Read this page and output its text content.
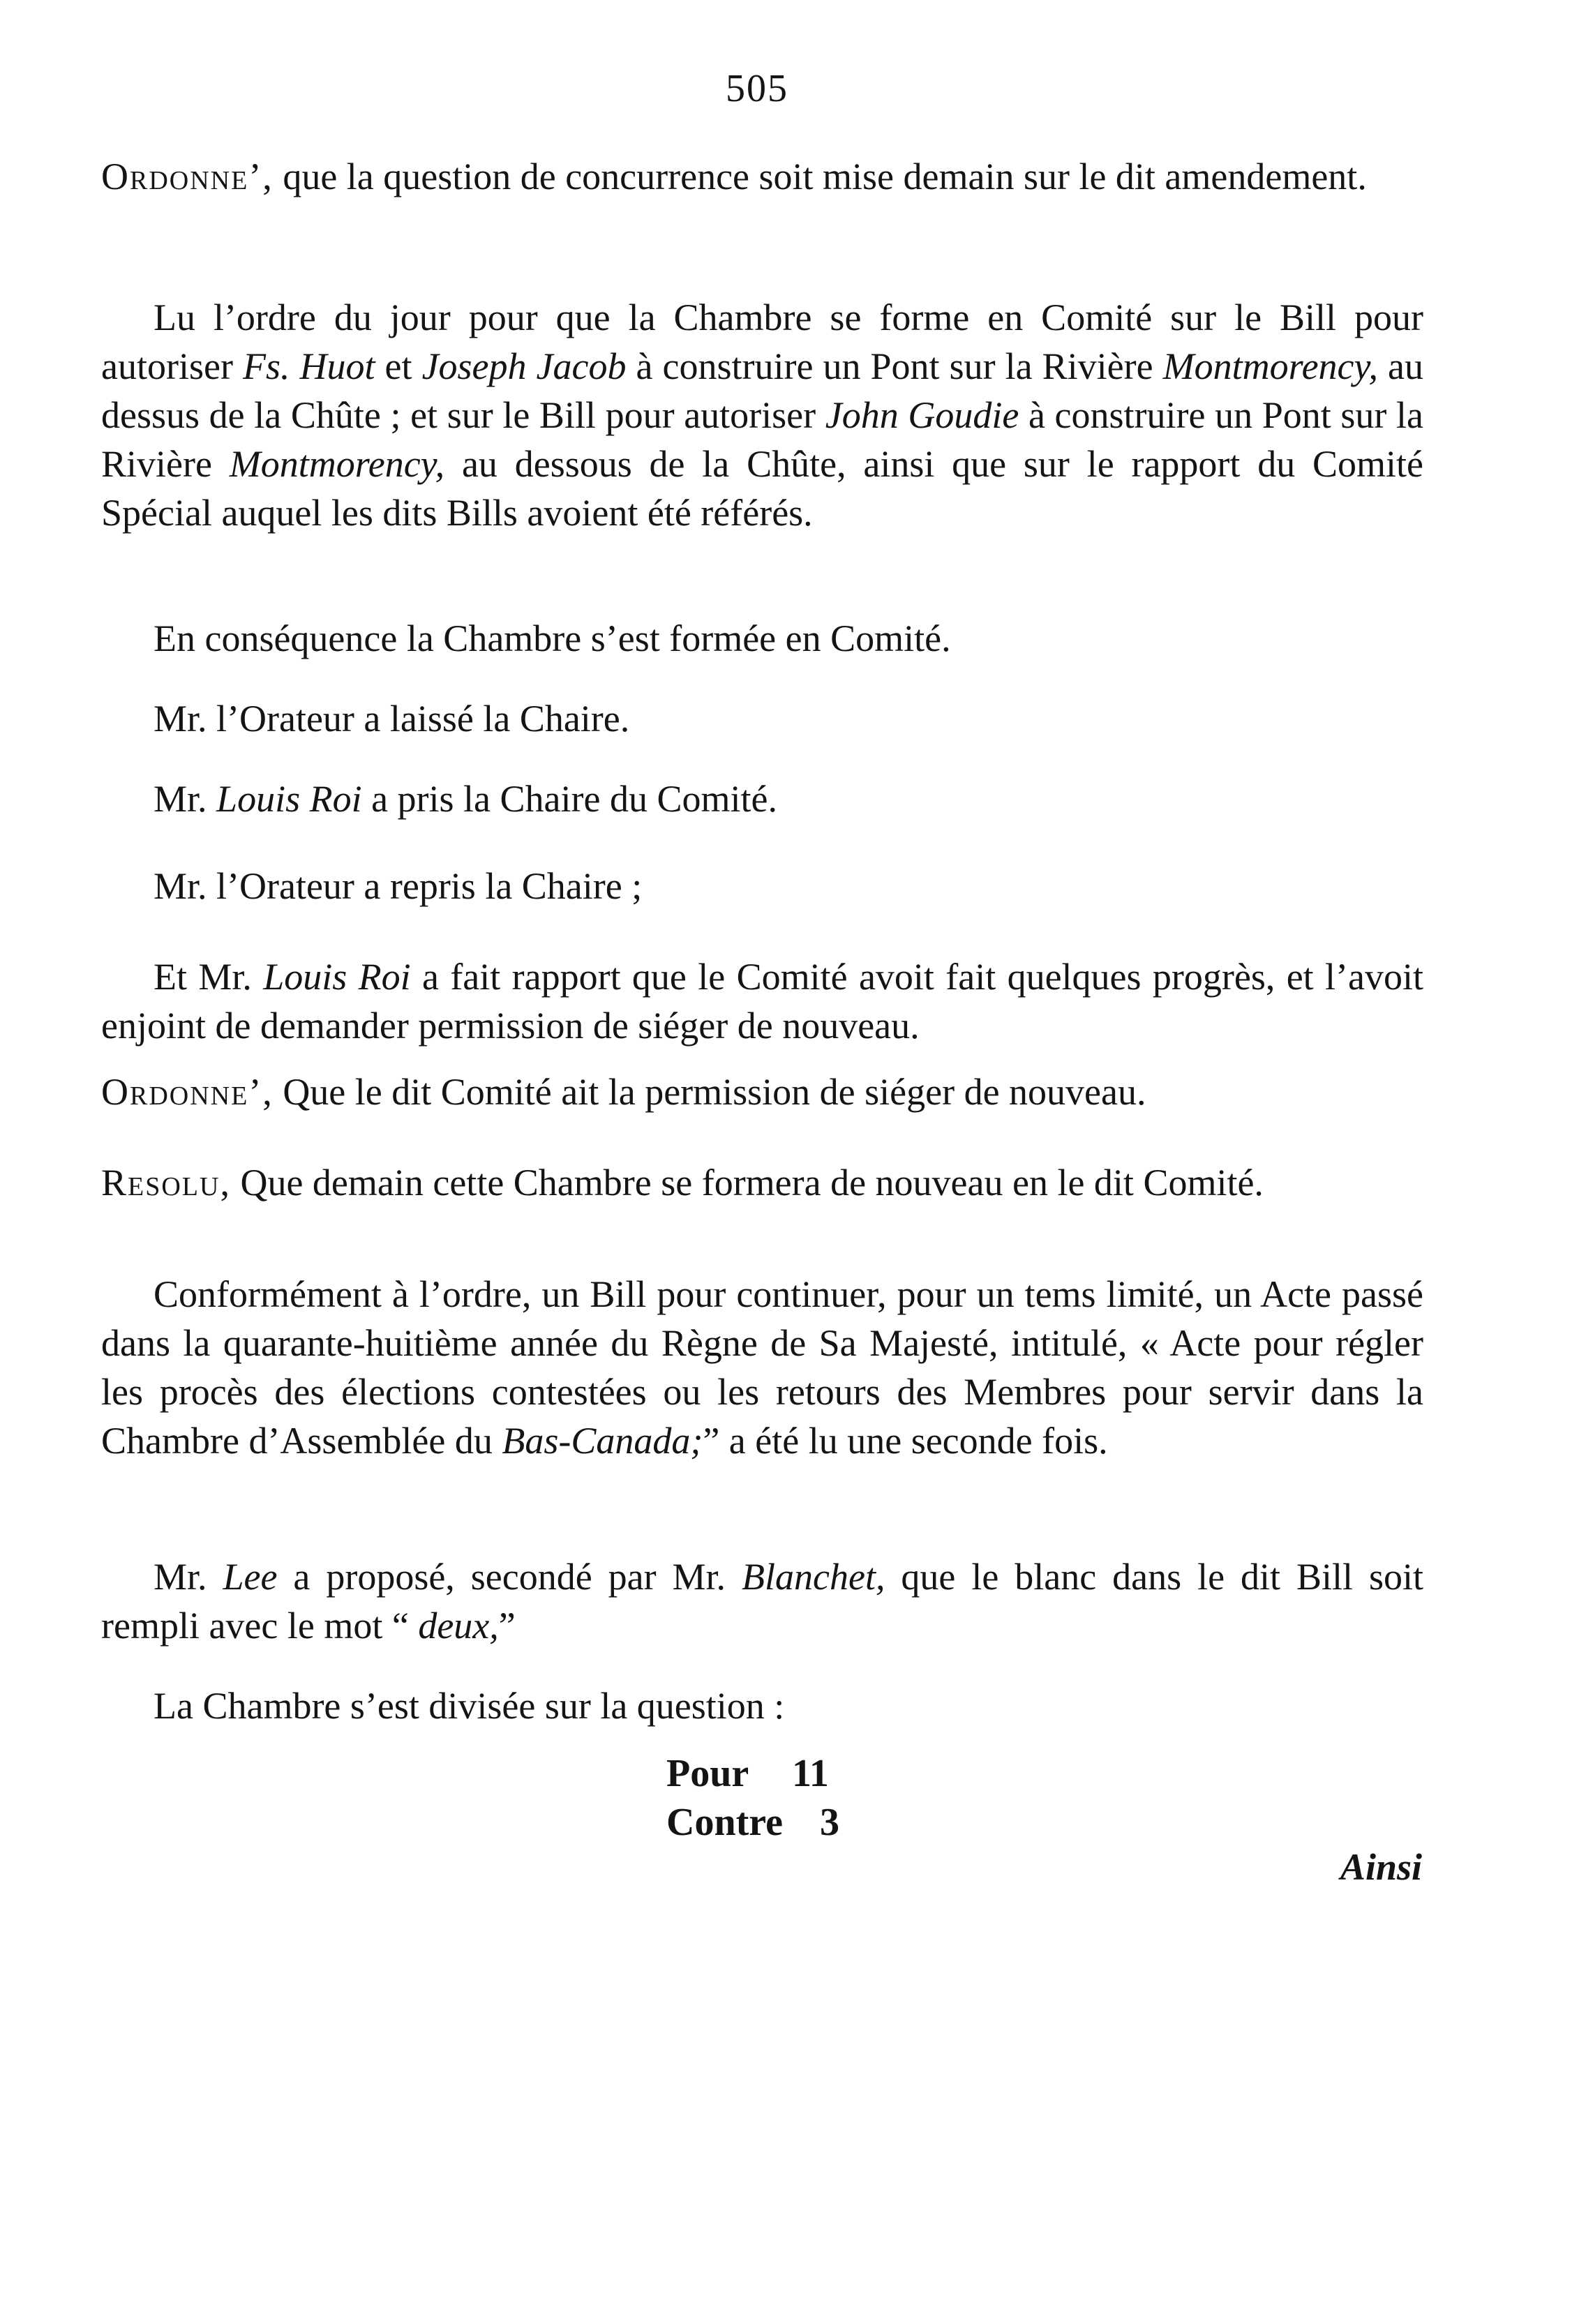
505

Ordonne’, que la question de concurrence soit mise demain sur le dit amendement.

Lu l’ordre du jour pour que la Chambre se forme en Comité sur le Bill pour autoriser Fs. Huot et Joseph Jacob à construire un Pont sur la Rivière Montmorency, au dessus de la Chûte ; et sur le Bill pour autoriser John Goudie à construire un Pont sur la Rivière Montmorency, au dessous de la Chûte, ainsi que sur le rapport du Comité Spécial auquel les dits Bills avoient été référés.

En conséquence la Chambre s’est formée en Comité.

Mr. l’Orateur a laissé la Chaire.

Mr. Louis Roi a pris la Chaire du Comité.

Mr. l’Orateur a repris la Chaire ;

Et Mr. Louis Roi a fait rapport que le Comité avoit fait quelques progrès, et l’avoit enjoint de demander permission de siéger de nouveau.

Ordonne’, Que le dit Comité ait la permission de siéger de nouveau.

Resolu, Que demain cette Chambre se formera de nouveau en le dit Comité.

Conformément à l’ordre, un Bill pour continuer, pour un tems limité, un Acte passé dans la quarante-huitième année du Règne de Sa Majesté, intitulé, « Acte pour régler les procès des élections contestées ou les retours des Membres pour servir dans la Chambre d’Assemblée du Bas-Canada;” a été lu une seconde fois.

Mr. Lee a proposé, secondé par Mr. Blanchet, que le blanc dans le dit Bill soit rempli avec le mot “ deux,”

La Chambre s’est divisée sur la question :

Pour 11
Contre 3
Ainsi
